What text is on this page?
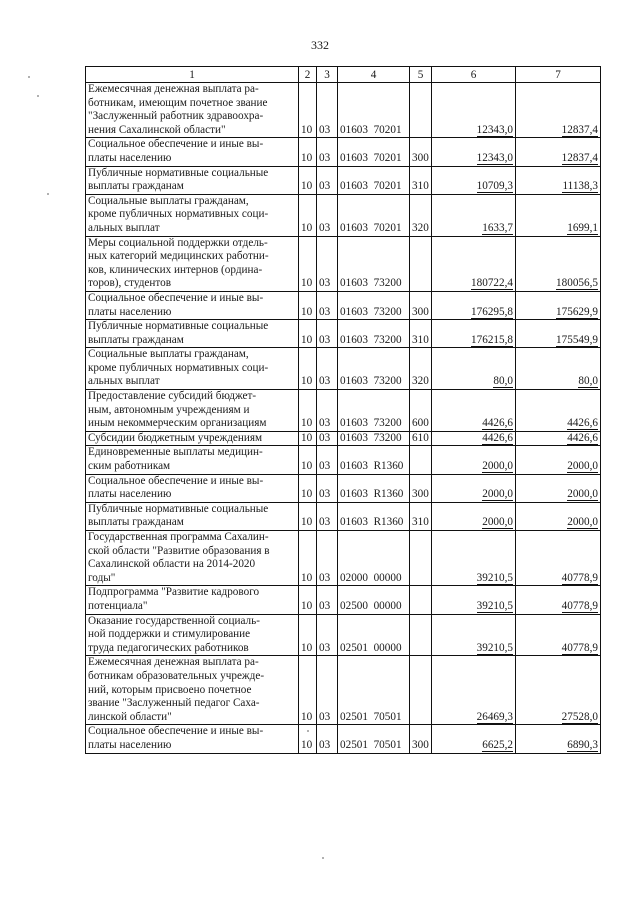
332
1	2	3	4	5	6	7
Ежемесячная денежная выплата ра-
ботникам, имеющим почетное звание
"Заслуженный работник здравоохра-
нения Сахалинской области"	10	03	01603  70201		12343,0	12837,4
Социальное обеспечение и иные вы-
платы населению	10	03	01603  70201	300	12343,0	12837,4
Публичные нормативные социальные
выплаты гражданам	10	03	01603  70201	310	10709,3	11138,3
Социальные выплаты гражданам,
кроме публичных нормативных соци-
альных выплат	10	03	01603  70201	320	1633,7	1699,1
Меры социальной поддержки отдель-
ных категорий медицинских работни-
ков, клинических интернов (ордина-
торов), студентов	10	03	01603  73200		180722,4	180056,5
Социальное обеспечение и иные вы-
платы населению	10	03	01603  73200	300	176295,8	175629,9
Публичные нормативные социальные
выплаты гражданам	10	03	01603  73200	310	176215,8	175549,9
Социальные выплаты гражданам,
кроме публичных нормативных соци-
альных выплат	10	03	01603  73200	320	80,0	80,0
Предоставление субсидий бюджет-
ным, автономным учреждениям и
иным некоммерческим организациям	10	03	01603  73200	600	4426,6	4426,6
Субсидии бюджетным учреждениям	10	03	01603  73200	610	4426,6	4426,6
Единовременные выплаты медицин-
ским работникам	10	03	01603  R1360		2000,0	2000,0
Социальное обеспечение и иные вы-
платы населению	10	03	01603  R1360	300	2000,0	2000,0
Публичные нормативные социальные
выплаты гражданам	10	03	01603  R1360	310	2000,0	2000,0
Государственная программа Сахалин-
ской области "Развитие образования в
Сахалинской области на 2014-2020
годы"	10	03	02000  00000		39210,5	40778,9
Подпрограмма "Развитие кадрового
потенциала"	10	03	02500  00000		39210,5	40778,9
Оказание государственной социаль-
ной поддержки и стимулирование
труда педагогических работников	10	03	02501  00000		39210,5	40778,9
Ежемесячная денежная выплата ра-
ботникам образовательных учрежде-
ний, которым присвоено почетное
звание "Заслуженный педагог Саха-
линской области"	10	03	02501  70501		26469,3	27528,0
Социальное обеспечение и иные вы-
платы населению	10	03	02501  70501	300	6625,2	6890,3
